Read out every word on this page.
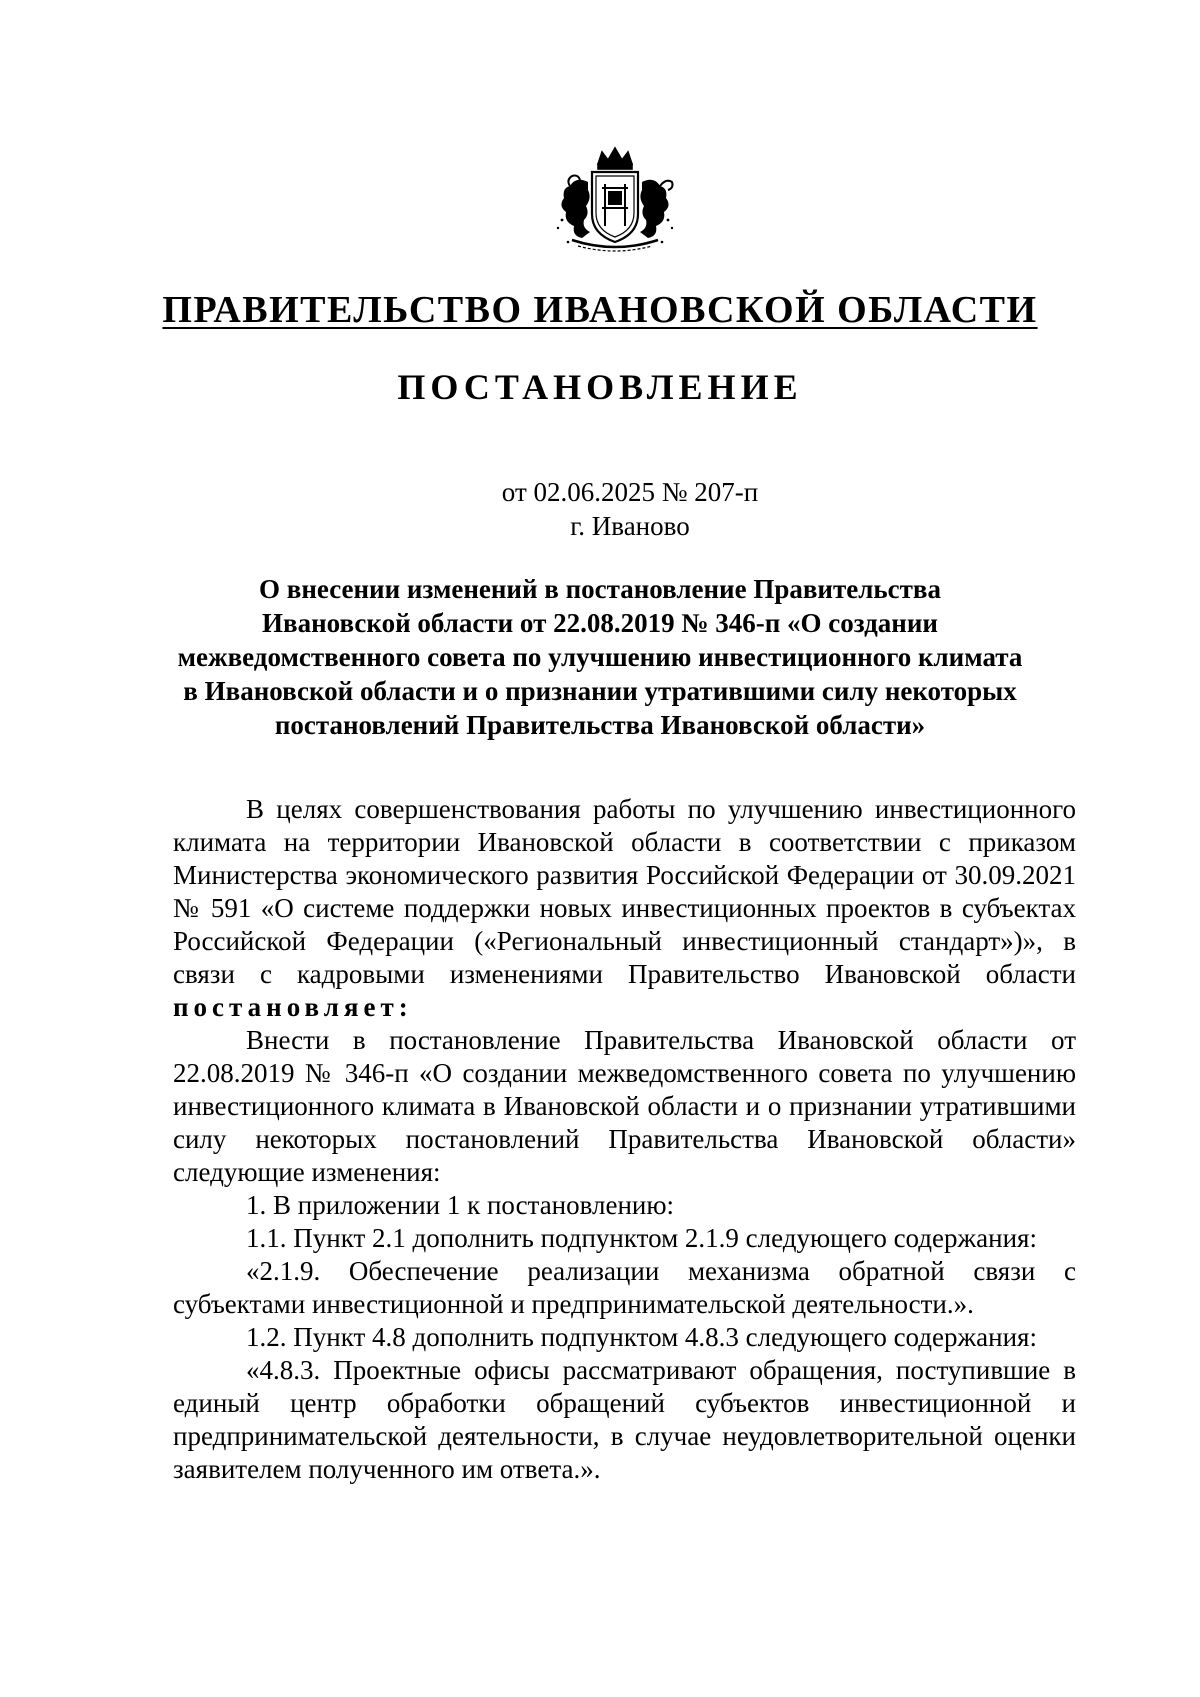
ПРАВИТЕЛЬСТВО ИВАНОВСКОЙ ОБЛАСТИ
ПОСТАНОВЛЕНИЕ
от 02.06.2025 № 207-п
г. Иваново
О внесении изменений в постановление Правительства
Ивановской области от 22.08.2019 № 346-п «О создании
межведомственного совета по улучшению инвестиционного климата
в Ивановской области и о признании утратившими силу некоторых
постановлений Правительства Ивановской области»

В целях совершенствования работы по улучшению инвестиционного климата на территории Ивановской области в соответствии с приказом Министерства экономического развития Российской Федерации от 30.09.2021 № 591 «О системе поддержки новых инвестиционных проектов в субъектах Российской Федерации («Региональный инвестиционный стандарт»)», в связи с кадровыми изменениями Правительство Ивановской области постановляет:

Внести в постановление Правительства Ивановской области от 22.08.2019 № 346-п «О создании межведомственного совета по улучшению инвестиционного климата в Ивановской области и о признании утратившими силу некоторых постановлений Правительства Ивановской области» следующие изменения:

1. В приложении 1 к постановлению:

1.1. Пункт 2.1 дополнить подпунктом 2.1.9 следующего содержания:

«2.1.9. Обеспечение реализации механизма обратной связи с субъектами инвестиционной и предпринимательской деятельности.».

1.2. Пункт 4.8 дополнить подпунктом 4.8.3 следующего содержания:

«4.8.3. Проектные офисы рассматривают обращения, поступившие в единый центр обработки обращений субъектов инвестиционной и предпринимательской деятельности, в случае неудовлетворительной оценки заявителем полученного им ответа.».
